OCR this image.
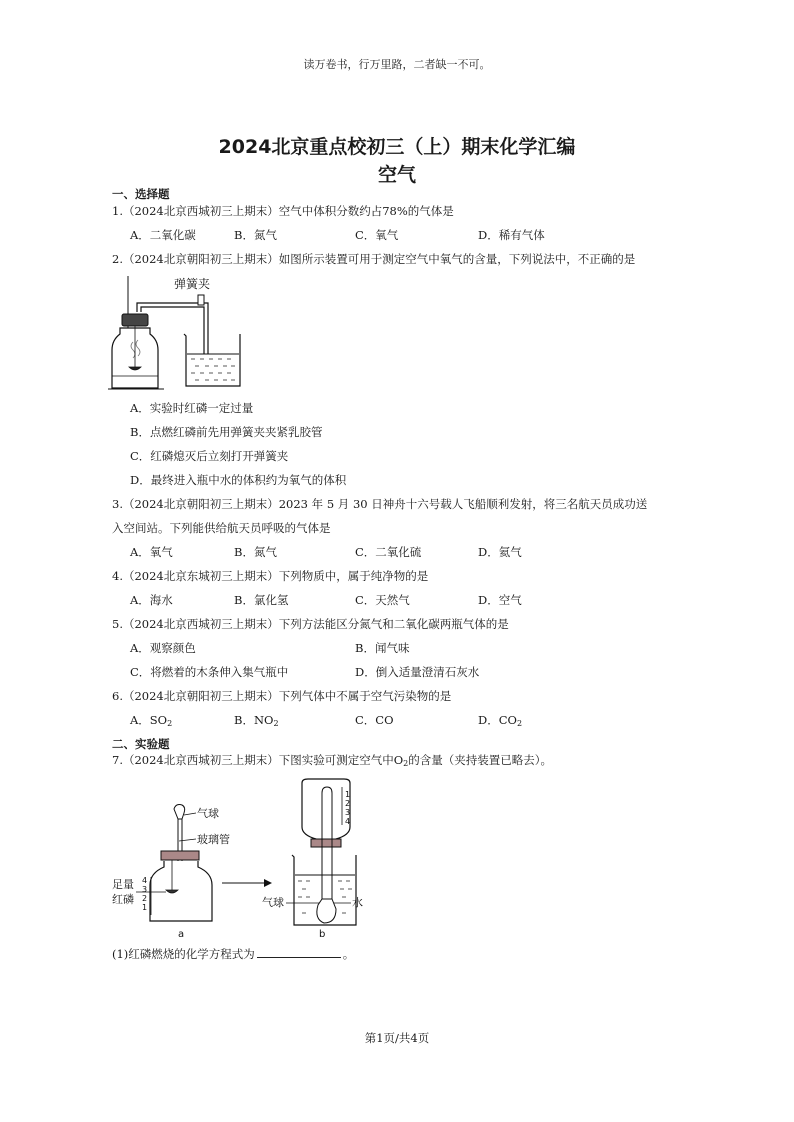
读万卷书，行万里路，二者缺一不可。
2024北京重点校初三（上）期末化学汇编
空气
一、选择题
1.（2024北京西城初三上期末）空气中体积分数约占78%的气体是
A．二氧化碳	B．氮气	C．氧气	D．稀有气体
2.（2024北京朝阳初三上期末）如图所示装置可用于测定空气中氧气的含量，下列说法中，不正确的是
弹簧夹
A．实验时红磷一定过量
B．点燃红磷前先用弹簧夹夹紧乳胶管
C．红磷熄灭后立刻打开弹簧夹
D．最终进入瓶中水的体积约为氧气的体积
3.（2024北京朝阳初三上期末）2023 年 5 月 30 日神舟十六号载人飞船顺利发射，将三名航天员成功送
入空间站。下列能供给航天员呼吸的气体是
A．氧气	B．氮气	C．二氧化硫	D．氦气
4.（2024北京东城初三上期末）下列物质中，属于纯净物的是
A．海水	B．氯化氢	C．天然气	D．空气
5.（2024北京西城初三上期末）下列方法能区分氮气和二氧化碳两瓶气体的是
A．观察颜色	B．闻气味
C．将燃着的木条伸入集气瓶中	D．倒入适量澄清石灰水
6.（2024北京朝阳初三上期末）下列气体中不属于空气污染物的是
A．$SO_2$	B．$NO_2$	C．CO	D．$CO_2$
二、实验题
7.（2024北京西城初三上期末）下图实验可测定空气中$O_2$的含量（夹持装置已略去）。
气球
玻璃管
4
3
2
1
足量
红磷
a
1
2
3
4
气球	水
b
(1)红磷燃烧的化学方程式为	。
第1页/共4页
